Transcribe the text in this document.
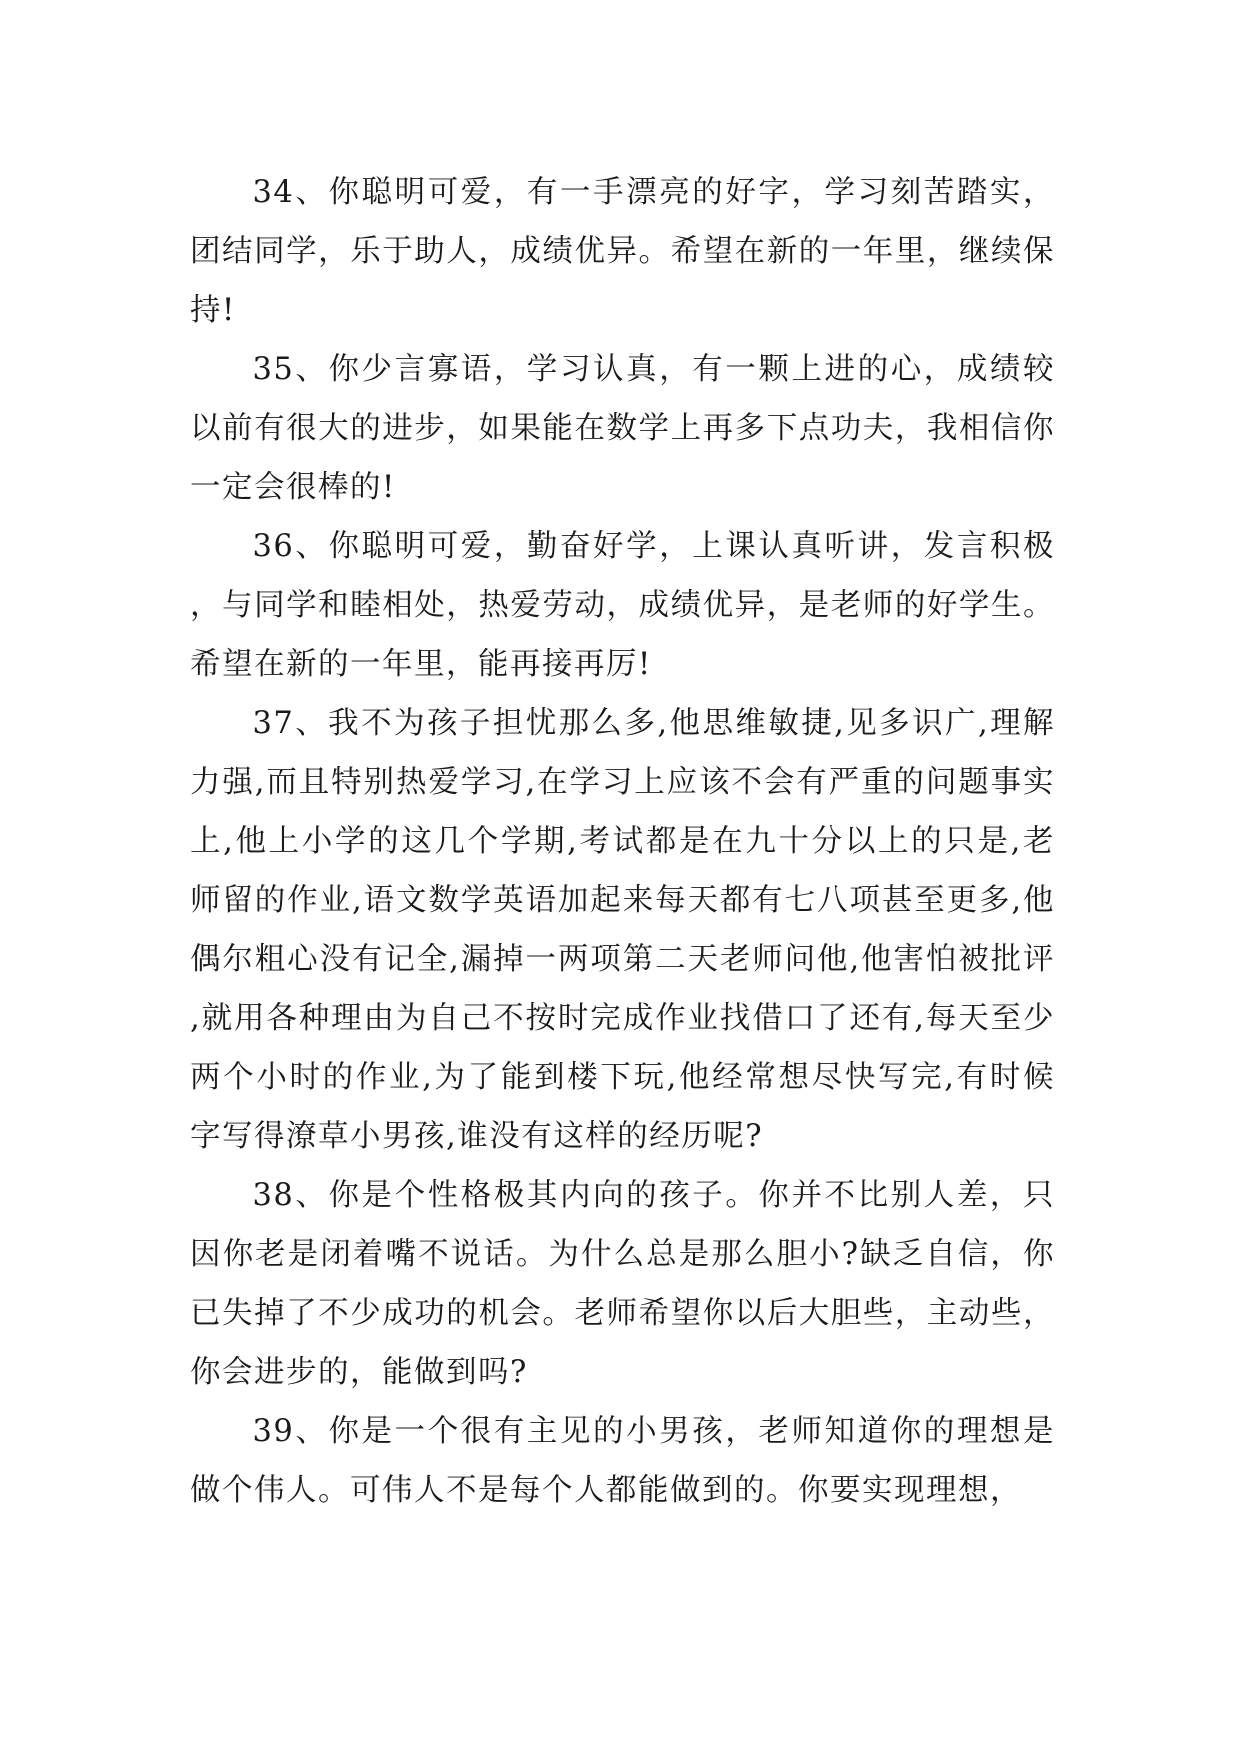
34、你聪明可爱，有一手漂亮的好字，学习刻苦踏实，团结同学，乐于助人，成绩优异。希望在新的一年里，继续保持!

35、你少言寡语，学习认真，有一颗上进的心，成绩较以前有很大的进步，如果能在数学上再多下点功夫，我相信你一定会很棒的!

36、你聪明可爱，勤奋好学，上课认真听讲，发言积极，与同学和睦相处，热爱劳动，成绩优异，是老师的好学生。希望在新的一年里，能再接再厉!

37、我不为孩子担忧那么多,他思维敏捷,见多识广,理解力强,而且特别热爱学习,在学习上应该不会有严重的问题事实上,他上小学的这几个学期,考试都是在九十分以上的只是,老师留的作业,语文数学英语加起来每天都有七八项甚至更多,他偶尔粗心没有记全,漏掉一两项第二天老师问他,他害怕被批评,就用各种理由为自己不按时完成作业找借口了还有,每天至少两个小时的作业,为了能到楼下玩,他经常想尽快写完,有时候字写得潦草小男孩,谁没有这样的经历呢?

38、你是个性格极其内向的孩子。你并不比别人差，只因你老是闭着嘴不说话。为什么总是那么胆小?缺乏自信，你已失掉了不少成功的机会。老师希望你以后大胆些，主动些，你会进步的，能做到吗?

39、你是一个很有主见的小男孩，老师知道你的理想是做个伟人。可伟人不是每个人都能做到的。你要实现理想，
